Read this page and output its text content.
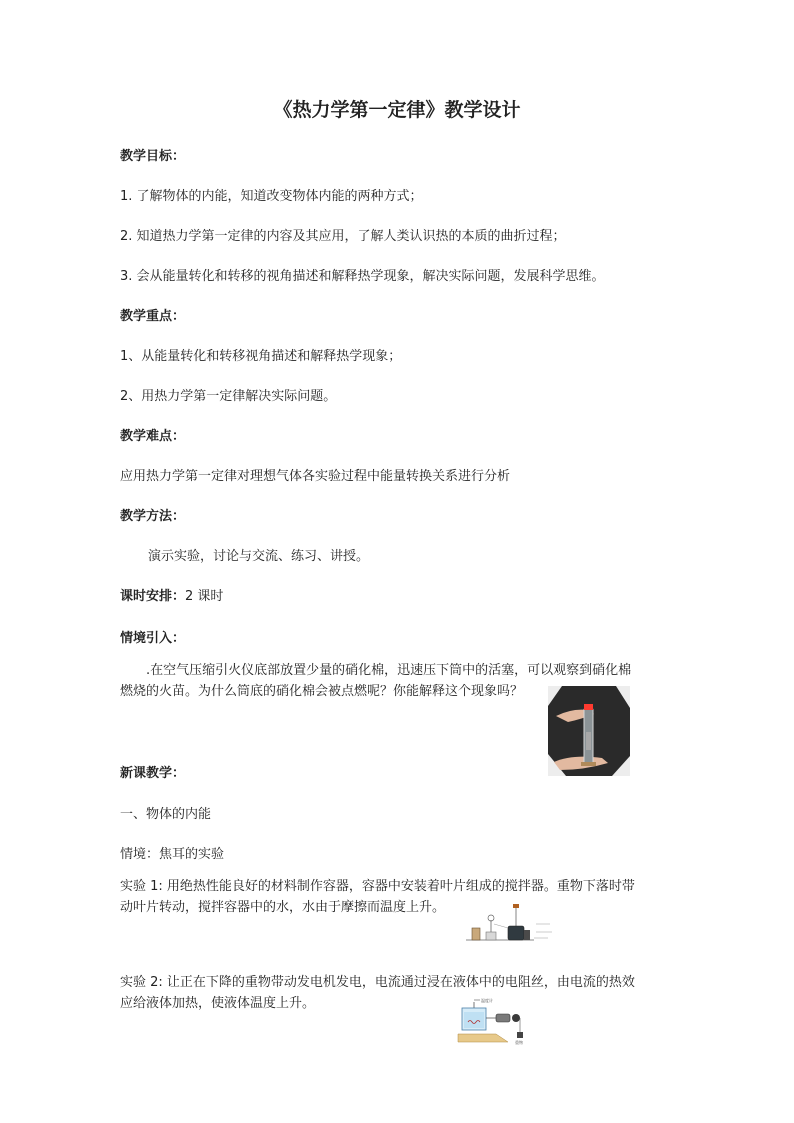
《热力学第一定律》教学设计
教学目标：
1. 了解物体的内能，知道改变物体内能的两种方式；
2. 知道热力学第一定律的内容及其应用，了解人类认识热的本质的曲折过程；
3. 会从能量转化和转移的视角描述和解释热学现象，解决实际问题，发展科学思维。
教学重点：
1、从能量转化和转移视角描述和解释热学现象；
2、用热力学第一定律解决实际问题。
教学难点：
应用热力学第一定律对理想气体各实验过程中能量转换关系进行分析
教学方法：
演示实验，讨论与交流、练习、讲授。
课时安排：2 课时
情境引入：
.在空气压缩引火仪底部放置少量的硝化棉，迅速压下筒中的活塞，可以观察到硝化棉
燃烧的火苗。为什么筒底的硝化棉会被点燃呢？你能解释这个现象吗？
新课教学：
一、物体的内能
情境：焦耳的实验
实验 1: 用绝热性能良好的材料制作容器，容器中安装着叶片组成的搅拌器。重物下落时带
动叶片转动，搅拌容器中的水，水由于摩擦而温度上升。
实验 2: 让正在下降的重物带动发电机发电，电流通过浸在液体中的电阻丝，由电流的热效
应给液体加热，使液体温度上升。	温度计
重物
